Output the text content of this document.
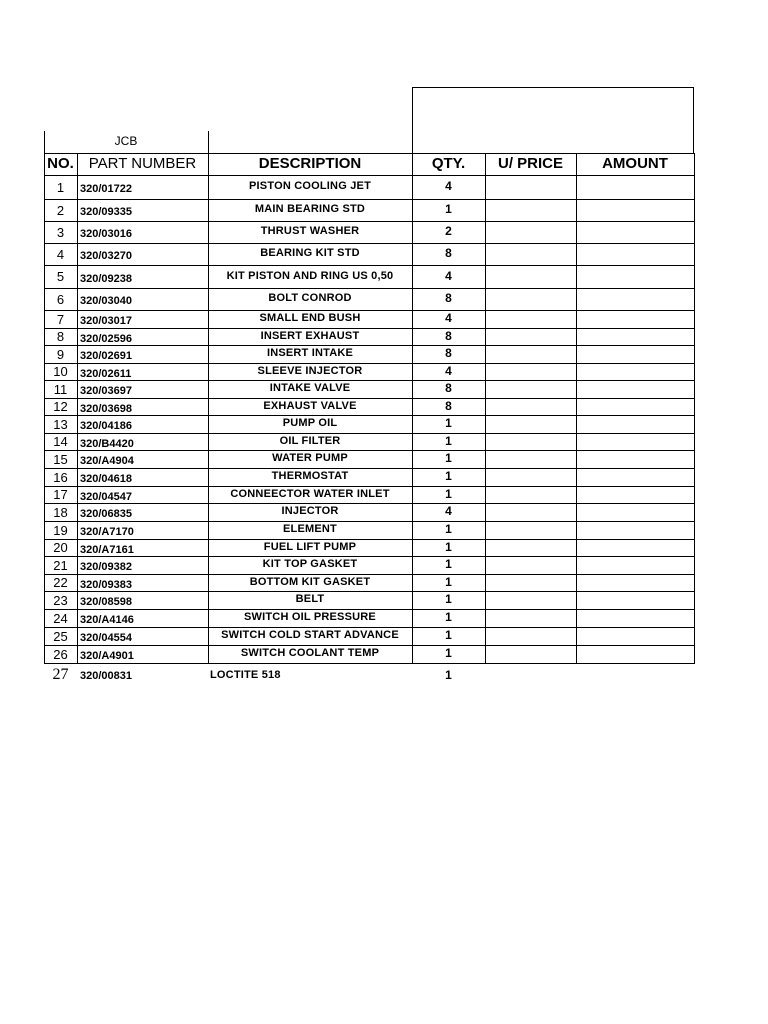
JCB
NO. PART NUMBER	DESCRIPTION	QTY.	U/ PRICE	AMOUNT
1	320/01722	PISTON COOLING JET	4
2	320/09335	MAIN BEARING STD	1
3	320/03016	THRUST WASHER	2
4	320/03270	BEARING KIT STD	8
5	320/09238	KIT PISTON AND RING US 0,50	4
6	320/03040	BOLT CONROD	8
7	320/03017	SMALL END BUSH	4
8	320/02596	INSERT EXHAUST	8
9	320/02691	INSERT INTAKE	8
10	320/02611	SLEEVE INJECTOR	4
11	320/03697	INTAKE VALVE	8
12	320/03698	EXHAUST VALVE	8
13	320/04186	PUMP OIL	1
14	320/B4420	OIL FILTER	1
15	320/A4904	WATER PUMP	1
16	320/04618	THERMOSTAT	1
17	320/04547	CONNEECTOR WATER INLET	1
18	320/06835	INJECTOR	4
19	320/A7170	ELEMENT	1
20	320/A7161	FUEL LIFT PUMP	1
21	320/09382	KIT TOP GASKET	1
22	320/09383	BOTTOM KIT GASKET	1
23	320/08598	BELT	1
24	320/A4146	SWITCH OIL PRESSURE	1
25	320/04554	SWITCH COLD START ADVANCE	1
26	320/A4901	SWITCH COOLANT TEMP	1
27	320/00831	LOCTITE 518	1
